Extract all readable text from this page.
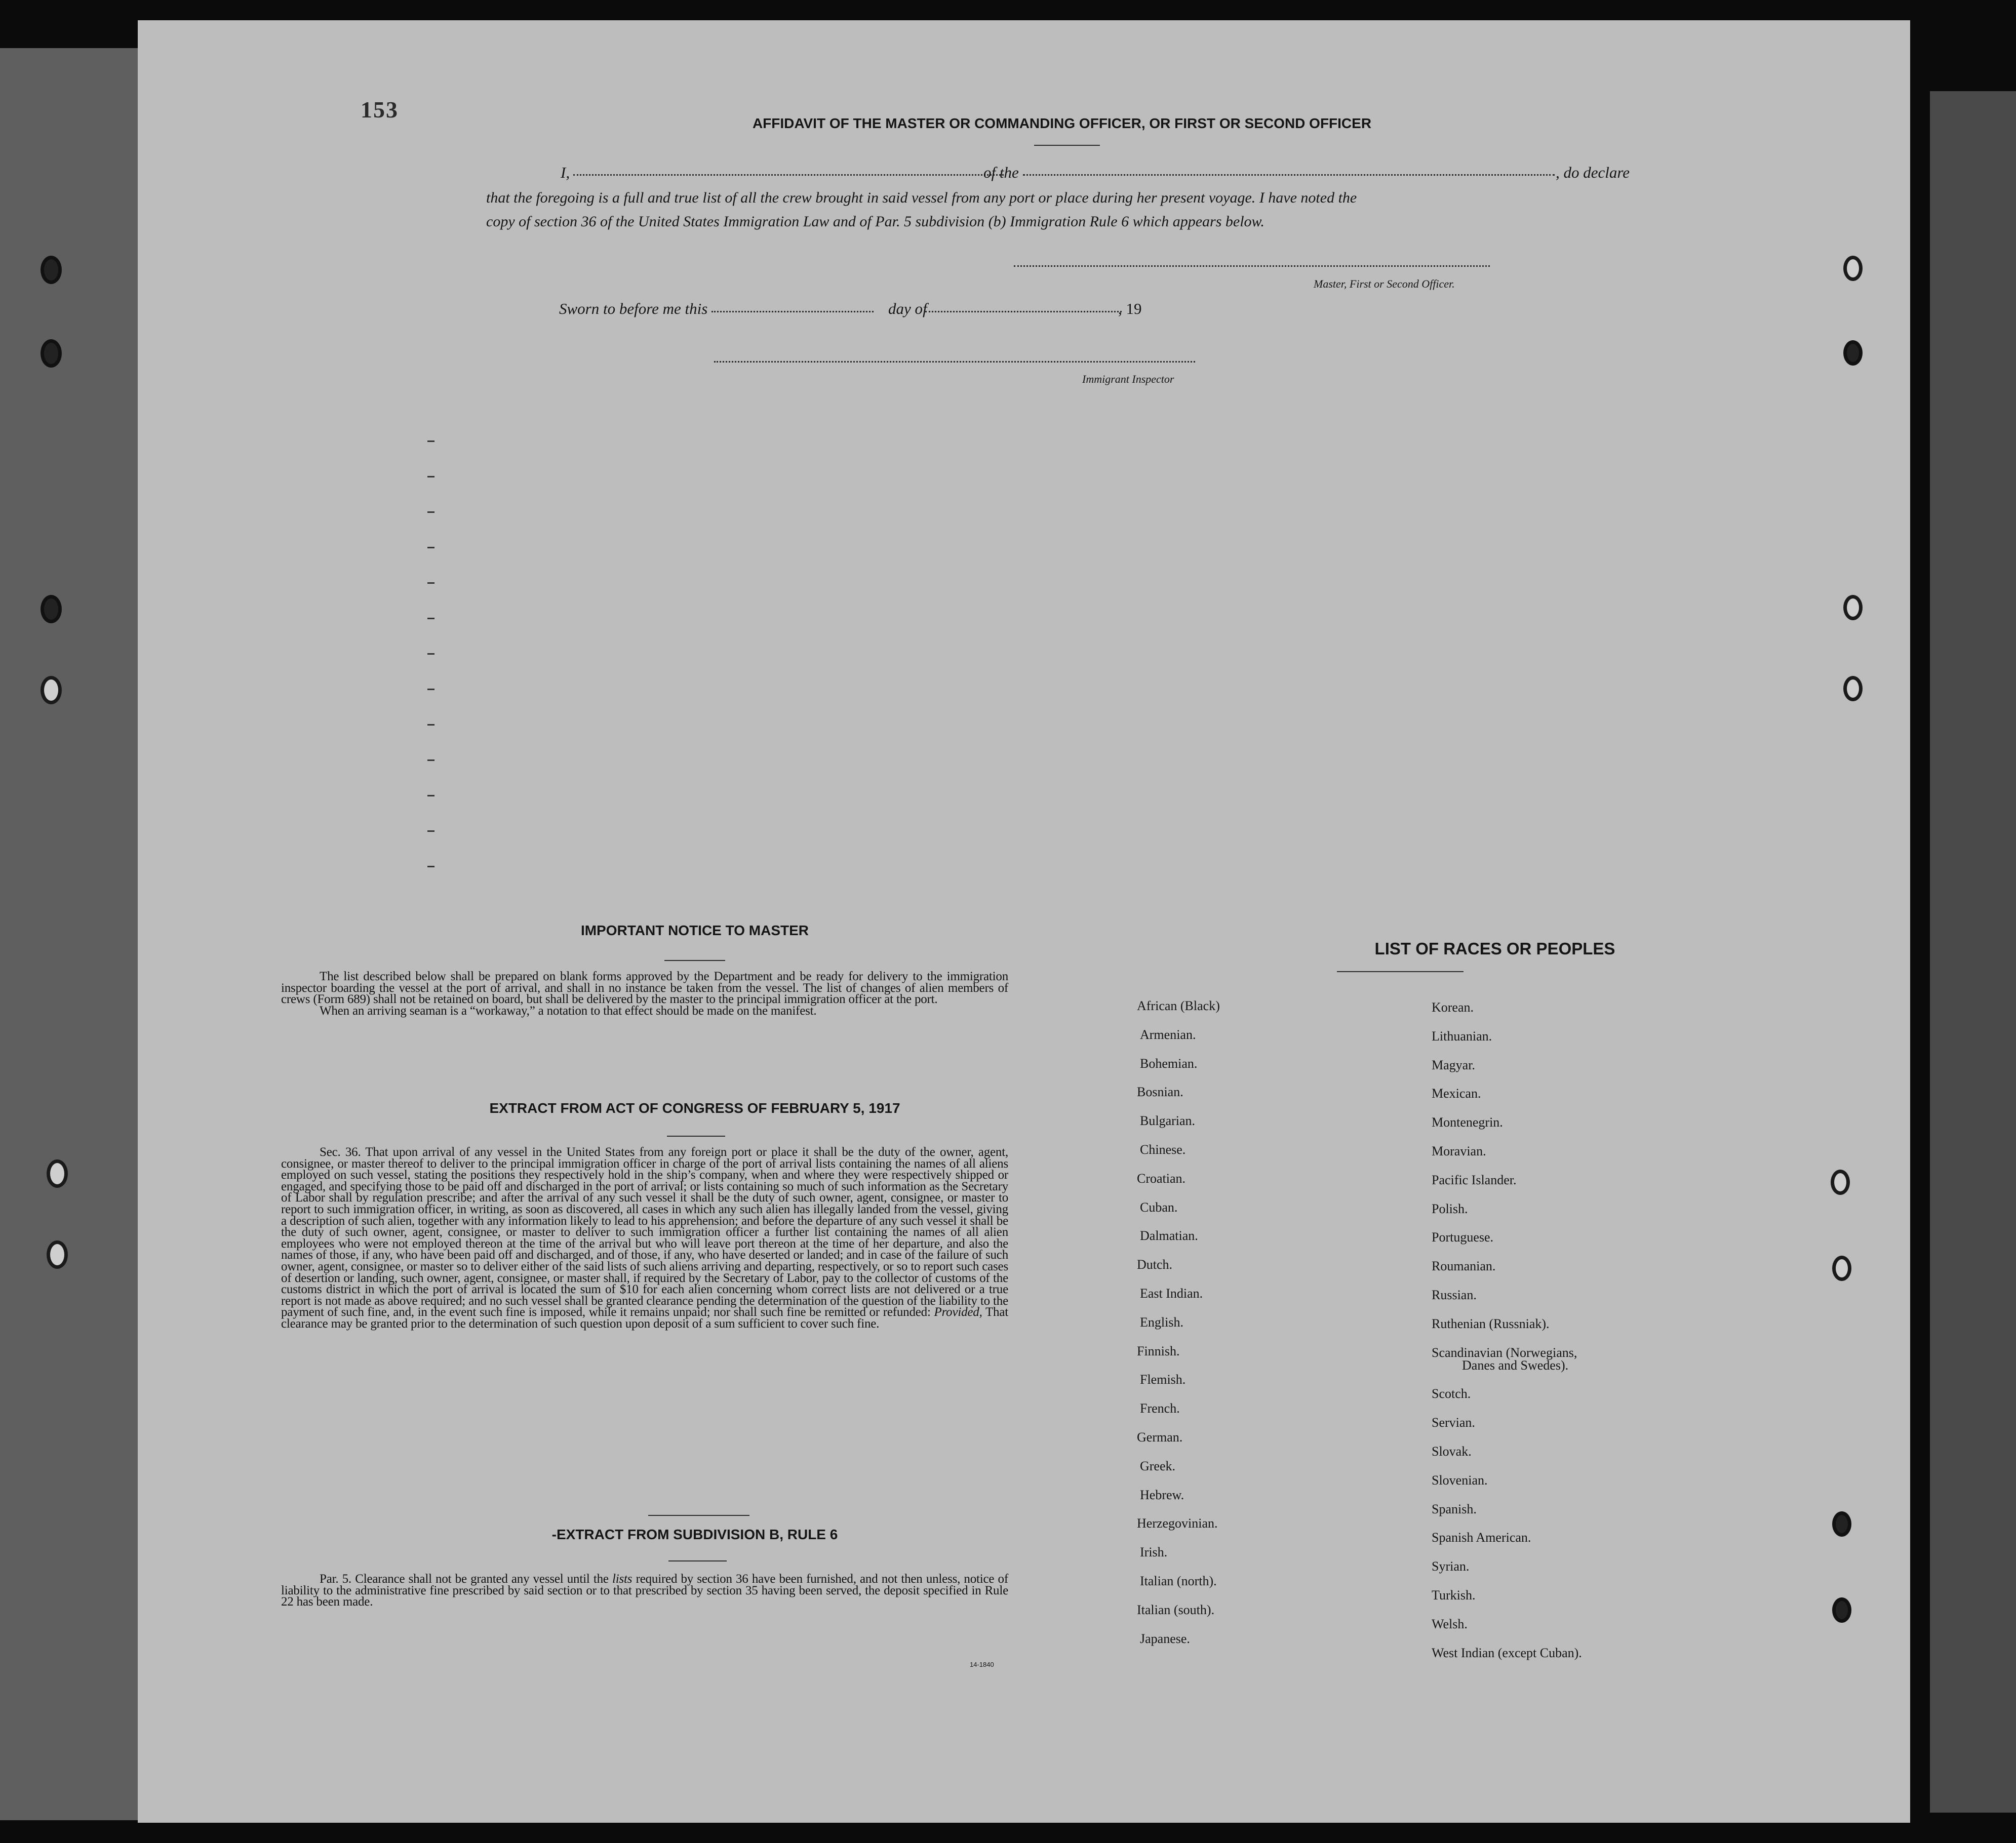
153
AFFIDAVIT OF THE MASTER OR COMMANDING OFFICER, OR FIRST OR SECOND OFFICER
I,	of the	, do declare
that the foregoing is a full and true list of all the crew brought in said vessel from any port or place during her present voyage. I have noted the
copy of section 36 of the United States Immigration Law and of Par. 5 subdivision (b) Immigration Rule 6 which appears below.
Master, First or Second Officer.
Sworn to before me this	day of	, 19
Immigrant Inspector
IMPORTANT NOTICE TO MASTER

The list described below shall be prepared on blank forms approved by the Department and be ready for delivery to the immigration inspector boarding the vessel at the port of arrival, and shall in no instance be taken from the vessel. The list of changes of alien members of crews (Form 689) shall not be retained on board, but shall be delivered by the master to the principal immigration officer at the port.

When an arriving seaman is a “workaway,” a notation to that effect should be made on the manifest.

EXTRACT FROM ACT OF CONGRESS OF FEBRUARY 5, 1917

Sec. 36. That upon arrival of any vessel in the United States from any foreign port or place it shall be the duty of the owner, agent, consignee, or master thereof to deliver to the principal immigration officer in charge of the port of arrival lists containing the names of all aliens employed on such vessel, stating the positions they respectively hold in the ship’s company, when and where they were respectively shipped or engaged, and specifying those to be paid off and discharged in the port of arrival; or lists containing so much of such information as the Secretary of Labor shall by regulation prescribe; and after the arrival of any such vessel it shall be the duty of such owner, agent, consignee, or master to report to such immigration officer, in writing, as soon as discovered, all cases in which any such alien has illegally landed from the vessel, giving a description of such alien, together with any information likely to lead to his apprehension; and before the departure of any such vessel it shall be the duty of such owner, agent, consignee, or master to deliver to such immigration officer a further list containing the names of all alien employees who were not employed thereon at the time of the arrival but who will leave port thereon at the time of her departure, and also the names of those, if any, who have been paid off and discharged, and of those, if any, who have deserted or landed; and in case of the failure of such owner, agent, consignee, or master so to deliver either of the said lists of such aliens arriving and departing, respectively, or so to report such cases of desertion or landing, such owner, agent, consignee, or master shall, if required by the Secretary of Labor, pay to the collector of customs of the customs district in which the port of arrival is located the sum of $10 for each alien concerning whom correct lists are not delivered or a true report is not made as above required; and no such vessel shall be granted clearance pending the determination of the question of the liability to the payment of such fine, and, in the event such fine is imposed, while it remains unpaid; nor shall such fine be remitted or refunded: Provided, That clearance may be granted prior to the determination of such question upon deposit of a sum sufficient to cover such fine.

-EXTRACT FROM SUBDIVISION B, RULE 6

Par. 5. Clearance shall not be granted any vessel until the lists required by section 36 have been furnished, and not then unless, notice of liability to the administrative fine prescribed by said section or to that prescribed by section 35 having been served, the deposit specified in Rule 22 has been made.

14-1840
LIST OF RACES OR PEOPLES
African (Black)
Armenian.
Bohemian.
Bosnian.
Bulgarian.
Chinese.
Croatian.
Cuban.
Dalmatian.
Dutch.
East Indian.
English.
Finnish.
Flemish.
French.
German.
Greek.
Hebrew.
Herzegovinian.
Irish.
Italian (north).
Italian (south).
Japanese.
Korean.
Lithuanian.
Magyar.
Mexican.
Montenegrin.
Moravian.
Pacific Islander.
Polish.
Portuguese.
Roumanian.
Russian.
Ruthenian (Russniak).
Scandinavian (Norwegians,
Danes and Swedes).
Scotch.
Servian.
Slovak.
Slovenian.
Spanish.
Spanish American.
Syrian.
Turkish.
Welsh.
West Indian (except Cuban).
